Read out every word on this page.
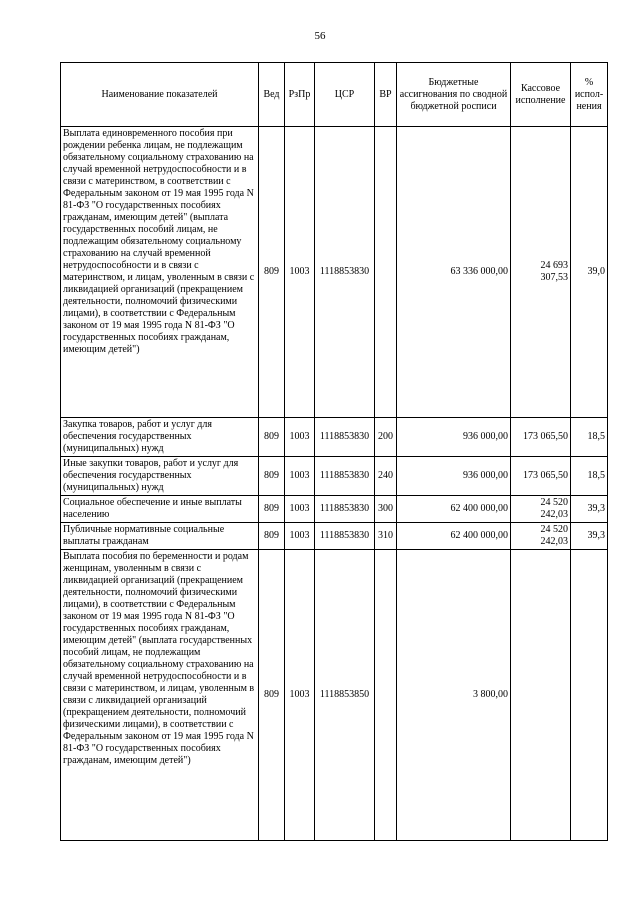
56
Наименование показателей	Вед	РзПр	ЦСР	ВР	Бюджетные ассигнования по сводной бюджетной росписи	Кассовое исполнение	% испол-нения
Выплата единовременного пособия при рождении ребенка лицам, не подлежащим обязательному социальному страхованию на случай временной нетрудоспособности и в связи с материнством, в соответствии с Федеральным законом от 19 мая 1995 года N 81-ФЗ "О государственных пособиях гражданам, имеющим детей" (выплата государственных пособий лицам, не подлежащим обязательному социальному страхованию на случай временной нетрудоспособности и в связи с материнством, и лицам, уволенным в связи с ликвидацией организаций (прекращением деятельности, полномочий физическими лицами), в соответствии с Федеральным законом от 19 мая 1995 года N 81-ФЗ "О государственных пособиях гражданам, имеющим детей")	809	1003	1118853830		63 336 000,00	24 693 307,53	39,0
Закупка товаров, работ и услуг для обеспечения государственных (муниципальных) нужд	809	1003	1118853830	200	936 000,00	173 065,50	18,5
Иные закупки товаров, работ и услуг для обеспечения государственных (муниципальных) нужд	809	1003	1118853830	240	936 000,00	173 065,50	18,5
Социальное обеспечение и иные выплаты населению	809	1003	1118853830	300	62 400 000,00	24 520 242,03	39,3
Публичные нормативные социальные выплаты гражданам	809	1003	1118853830	310	62 400 000,00	24 520 242,03	39,3
Выплата пособия по беременности и родам женщинам, уволенным в связи с ликвидацией организаций (прекращением деятельности, полномочий физическими лицами), в соответствии с Федеральным законом от 19 мая 1995 года N 81-ФЗ "О государственных пособиях гражданам, имеющим детей" (выплата государственных пособий лицам, не подлежащим обязательному социальному страхованию на случай временной нетрудоспособности и в связи с материнством, и лицам, уволенным в связи с ликвидацией организаций (прекращением деятельности, полномочий физическими лицами), в соответствии с Федеральным законом от 19 мая 1995 года N 81-ФЗ "О государственных пособиях гражданам, имеющим детей")	809	1003	1118853850		3 800,00		
